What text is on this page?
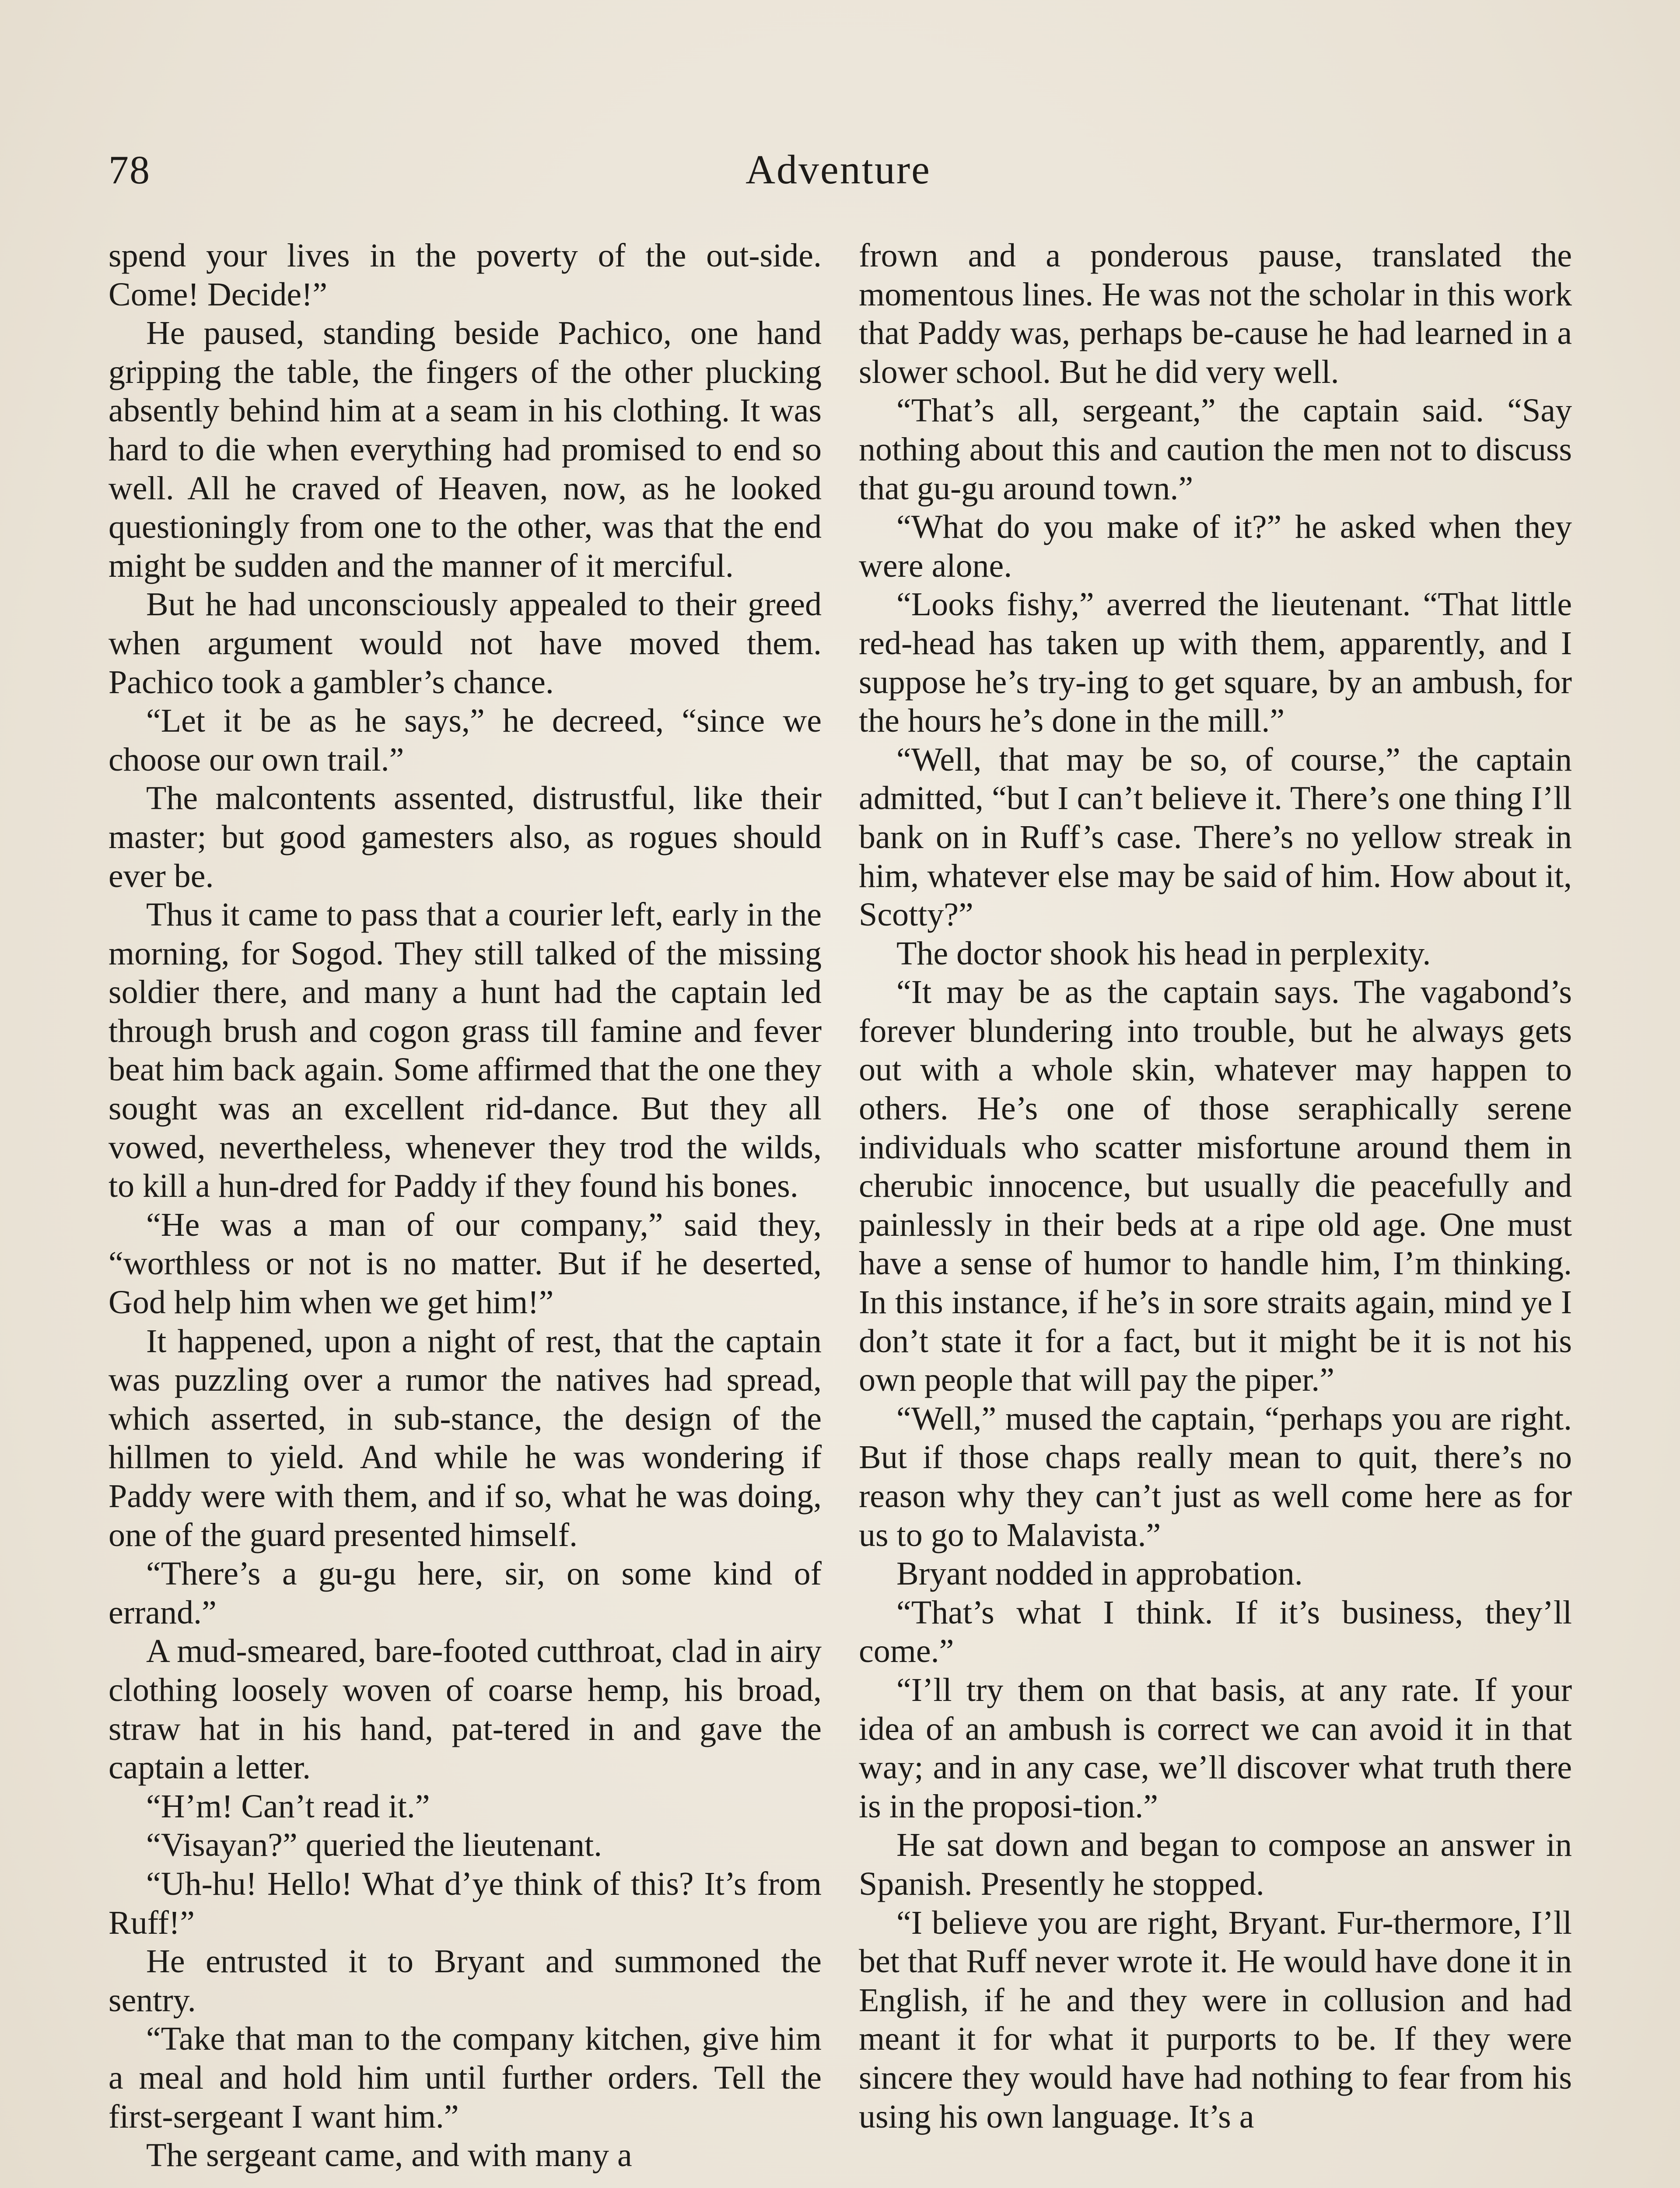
78	Adventure

spend your lives in the poverty of the out-side. Come! Decide!”

He paused, standing beside Pachico, one hand gripping the table, the fingers of the other plucking absently behind him at a seam in his clothing. It was hard to die when everything had promised to end so well. All he craved of Heaven, now, as he looked questioningly from one to the other, was that the end might be sudden and the manner of it merciful.

But he had unconsciously appealed to their greed when argument would not have moved them. Pachico took a gambler’s chance.

“Let it be as he says,” he decreed, “since we choose our own trail.”

The malcontents assented, distrustful, like their master; but good gamesters also, as rogues should ever be.

Thus it came to pass that a courier left, early in the morning, for Sogod. They still talked of the missing soldier there, and many a hunt had the captain led through brush and cogon grass till famine and fever beat him back again. Some affirmed that the one they sought was an excellent rid-dance. But they all vowed, nevertheless, whenever they trod the wilds, to kill a hun-dred for Paddy if they found his bones.

“He was a man of our company,” said they, “worthless or not is no matter. But if he deserted, God help him when we get him!”

It happened, upon a night of rest, that the captain was puzzling over a rumor the natives had spread, which asserted, in sub-stance, the design of the hillmen to yield. And while he was wondering if Paddy were with them, and if so, what he was doing, one of the guard presented himself.

“There’s a gu-gu here, sir, on some kind of errand.”

A mud-smeared, bare-footed cutthroat, clad in airy clothing loosely woven of coarse hemp, his broad, straw hat in his hand, pat-tered in and gave the captain a letter.

“H’m! Can’t read it.”

“Visayan?” queried the lieutenant.

“Uh-hu! Hello! What d’ye think of this? It’s from Ruff!”

He entrusted it to Bryant and summoned the sentry.

“Take that man to the company kitchen, give him a meal and hold him until further orders. Tell the first-sergeant I want him.”

The sergeant came, and with many a

frown and a ponderous pause, translated the momentous lines. He was not the scholar in this work that Paddy was, perhaps be-cause he had learned in a slower school. But he did very well.

“That’s all, sergeant,” the captain said. “Say nothing about this and caution the men not to discuss that gu-gu around town.”

“What do you make of it?” he asked when they were alone.

“Looks fishy,” averred the lieutenant. “That little red-head has taken up with them, apparently, and I suppose he’s try-ing to get square, by an ambush, for the hours he’s done in the mill.”

“Well, that may be so, of course,” the captain admitted, “but I can’t believe it. There’s one thing I’ll bank on in Ruff’s case. There’s no yellow streak in him, whatever else may be said of him. How about it, Scotty?”

The doctor shook his head in perplexity.

“It may be as the captain says. The vagabond’s forever blundering into trouble, but he always gets out with a whole skin, whatever may happen to others. He’s one of those seraphically serene individuals who scatter misfortune around them in cherubic innocence, but usually die peacefully and painlessly in their beds at a ripe old age. One must have a sense of humor to handle him, I’m thinking. In this instance, if he’s in sore straits again, mind ye I don’t state it for a fact, but it might be it is not his own people that will pay the piper.”

“Well,” mused the captain, “perhaps you are right. But if those chaps really mean to quit, there’s no reason why they can’t just as well come here as for us to go to Malavista.”

Bryant nodded in approbation.

“That’s what I think. If it’s business, they’ll come.”

“I’ll try them on that basis, at any rate. If your idea of an ambush is correct we can avoid it in that way; and in any case, we’ll discover what truth there is in the proposi-tion.”

He sat down and began to compose an answer in Spanish. Presently he stopped.

“I believe you are right, Bryant. Fur-thermore, I’ll bet that Ruff never wrote it. He would have done it in English, if he and they were in collusion and had meant it for what it purports to be. If they were sincere they would have had nothing to fear from his using his own language. It’s a
